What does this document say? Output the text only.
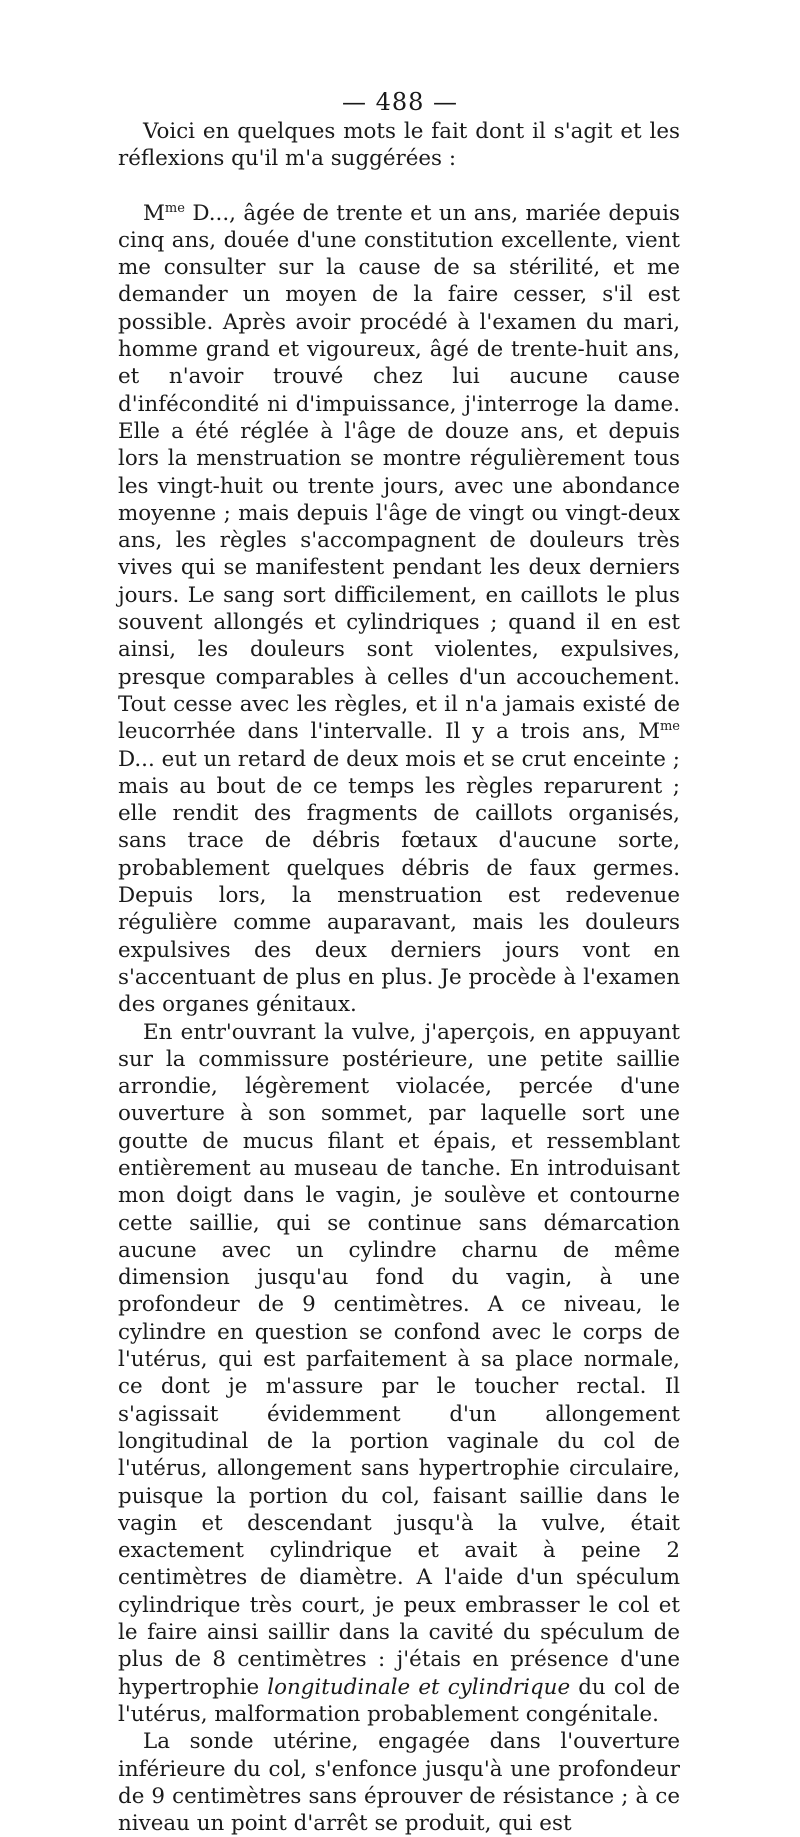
— 488 —

Voici en quelques mots le fait dont il s'agit et les réflexions qu'il m'a suggérées :

$M^{me}$ D..., âgée de trente et un ans, mariée depuis cinq ans, douée d'une constitution excellente, vient me consulter sur la cause de sa stérilité, et me demander un moyen de la faire cesser, s'il est possible. Après avoir procédé à l'examen du mari, homme grand et vigoureux, âgé de trente-huit ans, et n'avoir trouvé chez lui aucune cause d'infécondité ni d'impuissance, j'interroge la dame. Elle a été réglée à l'âge de douze ans, et depuis lors la menstruation se montre régulièrement tous les vingt-huit ou trente jours, avec une abondance moyenne ; mais depuis l'âge de vingt ou vingt-deux ans, les règles s'accompagnent de douleurs très vives qui se manifestent pendant les deux derniers jours. Le sang sort difficilement, en caillots le plus souvent allongés et cylindriques ; quand il en est ainsi, les douleurs sont violentes, expulsives, presque comparables à celles d'un accouchement. Tout cesse avec les règles, et il n'a jamais existé de leucorrhée dans l'intervalle. Il y a trois ans, $M^{me}$ D... eut un retard de deux mois et se crut enceinte ; mais au bout de ce temps les règles reparurent ; elle rendit des fragments de caillots organisés, sans trace de débris fœtaux d'aucune sorte, probablement quelques débris de faux germes. Depuis lors, la menstruation est redevenue régulière comme auparavant, mais les douleurs expulsives des deux derniers jours vont en s'accentuant de plus en plus. Je procède à l'examen des organes génitaux.

En entr'ouvrant la vulve, j'aperçois, en appuyant sur la commissure postérieure, une petite saillie arrondie, légèrement violacée, percée d'une ouverture à son sommet, par laquelle sort une goutte de mucus filant et épais, et ressemblant entièrement au museau de tanche. En introduisant mon doigt dans le vagin, je soulève et contourne cette saillie, qui se continue sans démarcation aucune avec un cylindre charnu de même dimension jusqu'au fond du vagin, à une profondeur de 9 centimètres. A ce niveau, le cylindre en question se confond avec le corps de l'utérus, qui est parfaitement à sa place normale, ce dont je m'assure par le toucher rectal. Il s'agissait évidemment d'un allongement longitudinal de la portion vaginale du col de l'utérus, allongement sans hypertrophie circulaire, puisque la portion du col, faisant saillie dans le vagin et descendant jusqu'à la vulve, était exactement cylindrique et avait à peine 2 centimètres de diamètre. A l'aide d'un spéculum cylindrique très court, je peux embrasser le col et le faire ainsi saillir dans la cavité du spéculum de plus de 8 centimètres : j'étais en présence d'une hypertrophie longitudinale et cylindrique du col de l'utérus, malformation probablement congénitale.

La sonde utérine, engagée dans l'ouverture inférieure du col, s'enfonce jusqu'à une profondeur de 9 centimètres sans éprouver de résistance ; à ce niveau un point d'arrêt se produit, qui est
